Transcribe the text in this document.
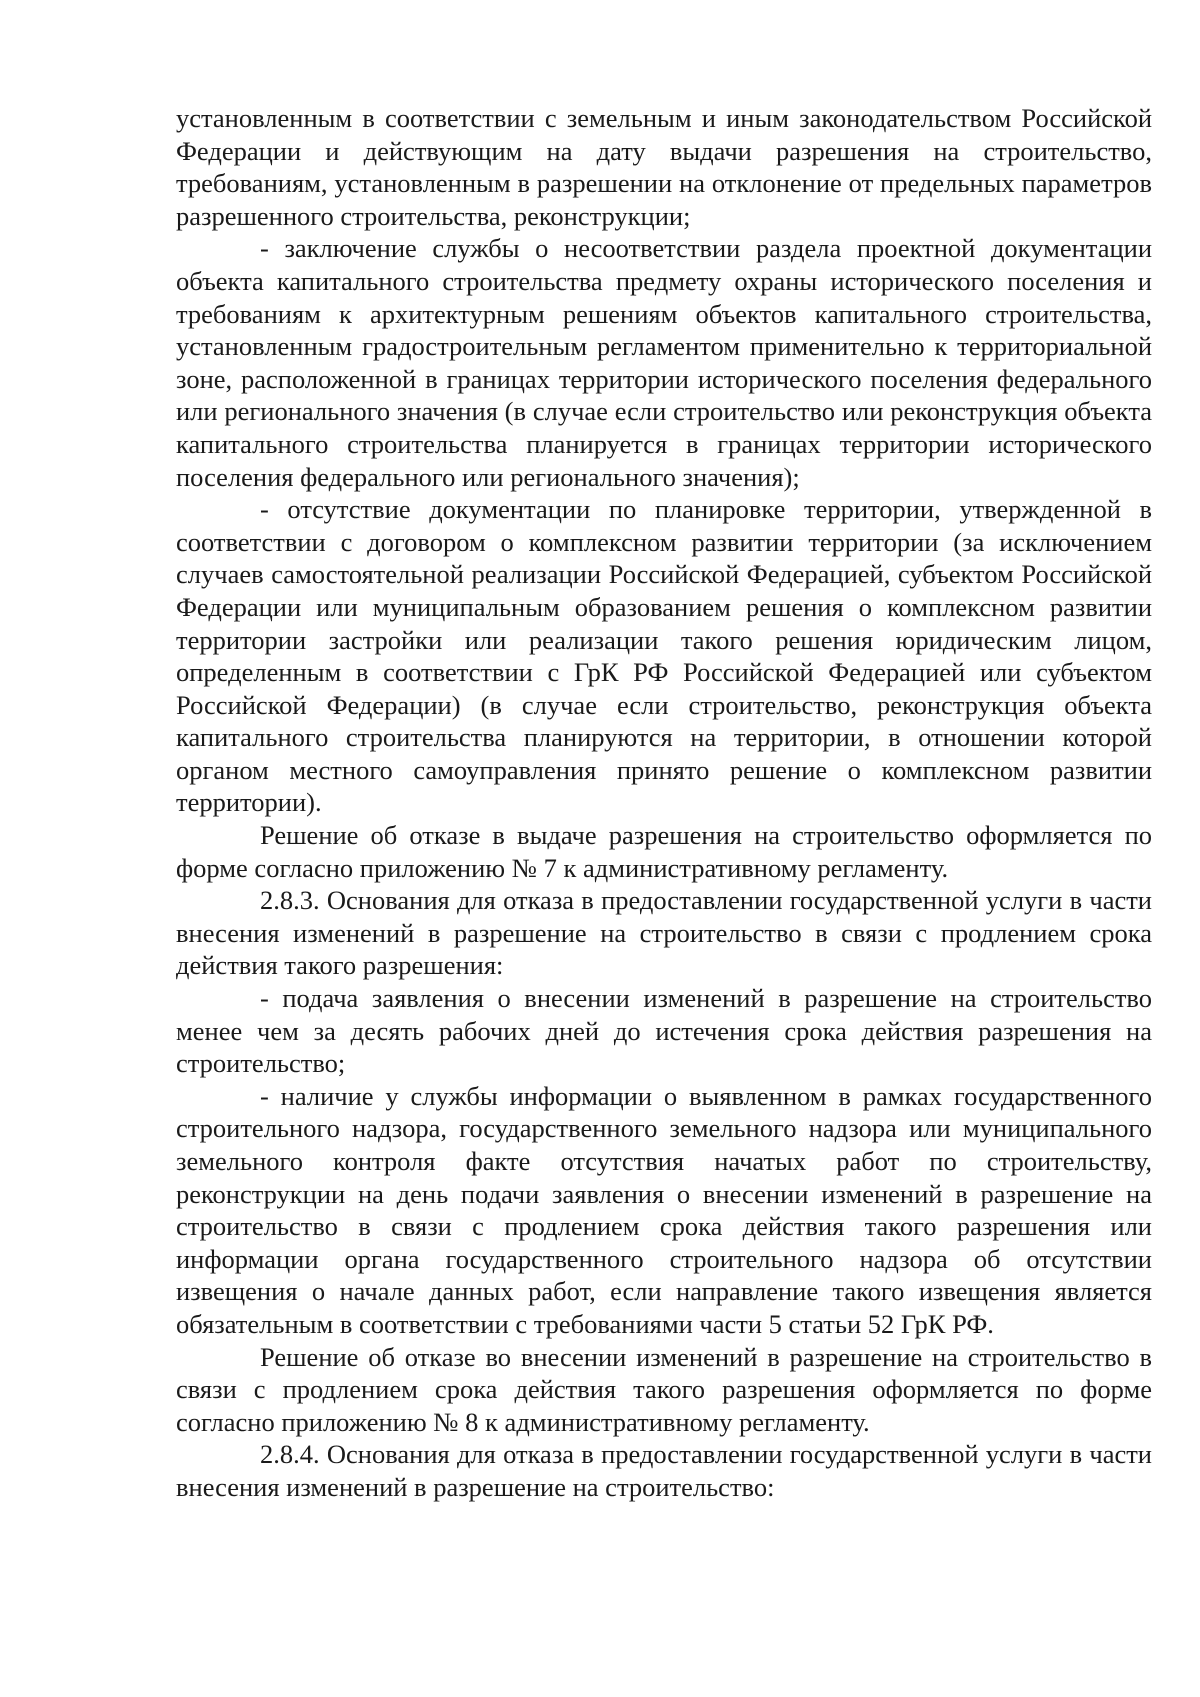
установленным в соответствии с земельным и иным законодательством Российской Федерации и действующим на дату выдачи разрешения на строительство, требованиям, установленным в разрешении на отклонение от предельных параметров разрешенного строительства, реконструкции;

- заключение службы о несоответствии раздела проектной документации объекта капитального строительства предмету охраны исторического поселения и требованиям к архитектурным решениям объектов капитального строительства, установленным градостроительным регламентом применительно к территориальной зоне, расположенной в границах территории исторического поселения федерального или регионального значения (в случае если строительство или реконструкция объекта капитального строительства планируется в границах территории исторического поселения федерального или регионального значения);

- отсутствие документации по планировке территории, утвержденной в соответствии с договором о комплексном развитии территории (за исключением случаев самостоятельной реализации Российской Федерацией, субъектом Российской Федерации или муниципальным образованием решения о комплексном развитии территории застройки или реализации такого решения юридическим лицом, определенным в соответствии с ГрК РФ Российской Федерацией или субъектом Российской Федерации) (в случае если строительство, реконструкция объекта капитального строительства планируются на территории, в отношении которой органом местного самоуправления принято решение о комплексном развитии территории).

Решение об отказе в выдаче разрешения на строительство оформляется по форме согласно приложению № 7 к административному регламенту.

2.8.3. Основания для отказа в предоставлении государственной услуги в части внесения изменений в разрешение на строительство в связи с продлением срока действия такого разрешения:

- подача заявления о внесении изменений в разрешение на строительство менее чем за десять рабочих дней до истечения срока действия разрешения на строительство;

- наличие у службы информации о выявленном в рамках государственного строительного надзора, государственного земельного надзора или муниципального земельного контроля факте отсутствия начатых работ по строительству, реконструкции на день подачи заявления о внесении изменений в разрешение на строительство в связи с продлением срока действия такого разрешения или информации органа государственного строительного надзора об отсутствии извещения о начале данных работ, если направление такого извещения является обязательным в соответствии с требованиями части 5 статьи 52 ГрК РФ.

Решение об отказе во внесении изменений в разрешение на строительство в связи с продлением срока действия такого разрешения оформляется по форме согласно приложению № 8 к административному регламенту.

2.8.4. Основания для отказа в предоставлении государственной услуги в части внесения изменений в разрешение на строительство:
